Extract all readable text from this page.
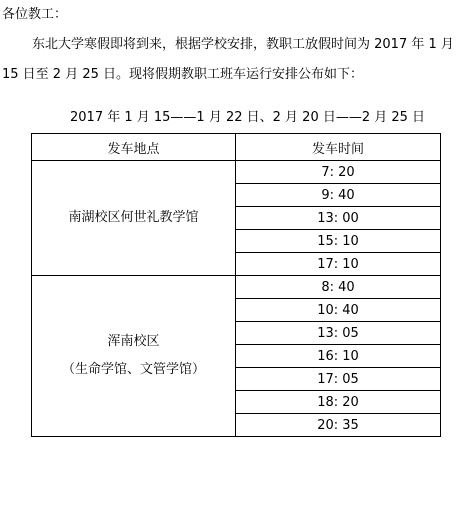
各位教工：
东北大学寒假即将到来，根据学校安排，教职工放假时间为 2017 年 1 月
15 日至 2 月 25 日。现将假期教职工班车运行安排公布如下：
2017 年 1 月 15——1 月 22 日、2 月 20 日——2 月 25 日
发车地点	发车时间

南湖校区何世礼教学馆	7: 20
	9: 40
	13: 00
	15: 10
	17: 10

浑南校区
（生命学馆、文管学馆）	8: 40
	10: 40
	13: 05
	16: 10
	17: 05
	18: 20
	20: 35
